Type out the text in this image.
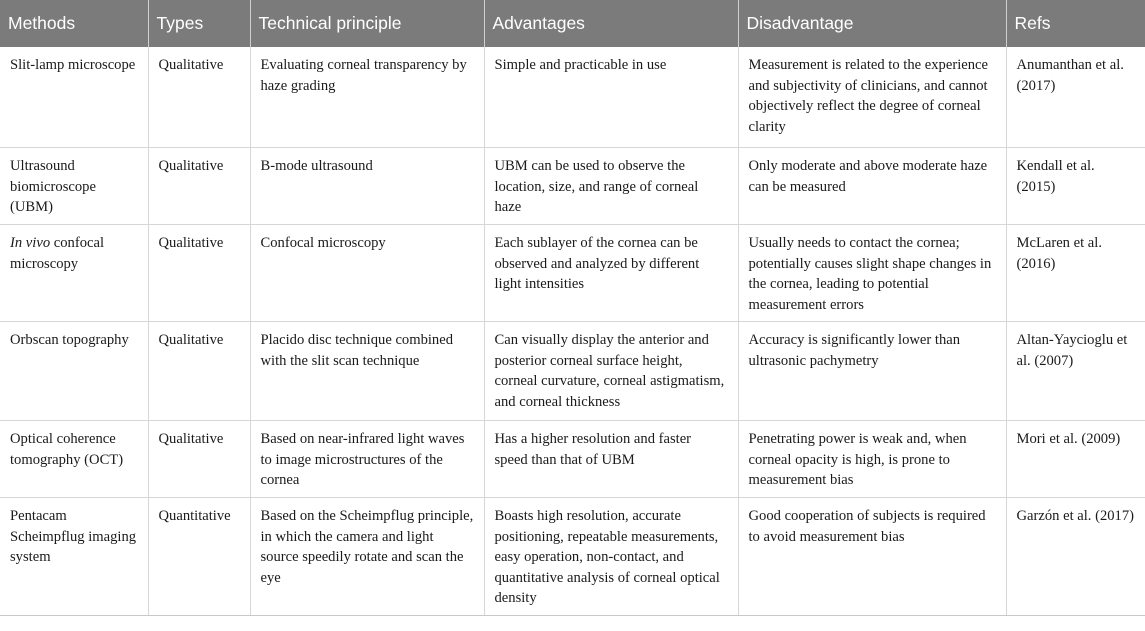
Methods	Types	Technical principle	Advantages	Disadvantage	Refs
Slit-lamp microscope	Qualitative	Evaluating corneal transparency by haze grading	Simple and practicable in use	Measurement is related to the experience and subjectivity of clinicians, and cannot objectively reflect the degree of corneal clarity	Anumanthan et al. (2017)
Ultrasound biomicroscope (UBM)	Qualitative	B-mode ultrasound	UBM can be used to observe the location, size, and range of corneal haze	Only moderate and above moderate haze can be measured	Kendall et al. (2015)
In vivo confocal microscopy	Qualitative	Confocal microscopy	Each sublayer of the cornea can be observed and analyzed by different light intensities	Usually needs to contact the cornea; potentially causes slight shape changes in the cornea, leading to potential measurement errors	McLaren et al. (2016)
Orbscan topography	Qualitative	Placido disc technique combined with the slit scan technique	Can visually display the anterior and posterior corneal surface height, corneal curvature, corneal astigmatism, and corneal thickness	Accuracy is significantly lower than ultrasonic pachymetry	Altan-Yaycioglu et al. (2007)
Optical coherence tomography (OCT)	Qualitative	Based on near-infrared light waves to image microstructures of the cornea	Has a higher resolution and faster speed than that of UBM	Penetrating power is weak and, when corneal opacity is high, is prone to measurement bias	Mori et al. (2009)
Pentacam Scheimpflug imaging system	Quantitative	Based on the Scheimpflug principle, in which the camera and light source speedily rotate and scan the eye	Boasts high resolution, accurate positioning, repeatable measurements, easy operation, non-contact, and quantitative analysis of corneal optical density	Good cooperation of subjects is required to avoid measurement bias	Garzón et al. (2017)
